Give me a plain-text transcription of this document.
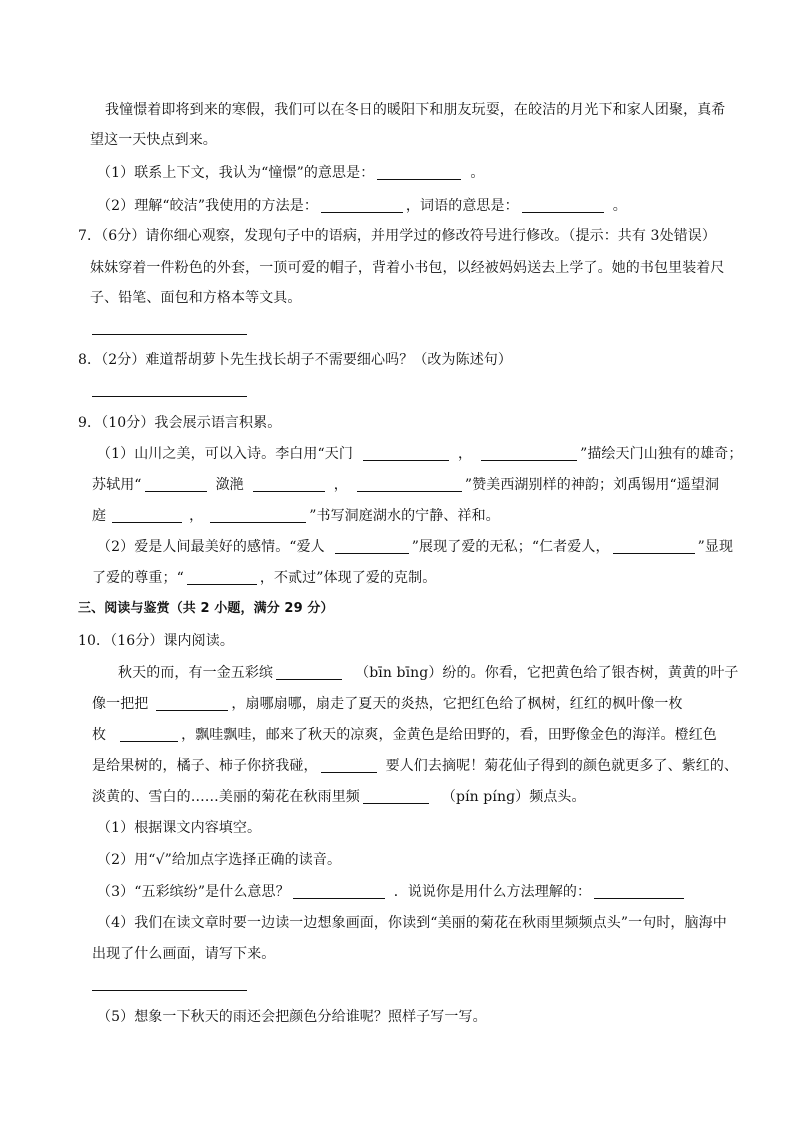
我憧憬着即将到来的寒假，我们可以在冬日的暖阳下和朋友玩耍，在皎洁的月光下和家人团聚，真希
望这一天快点到来。
（1）联系上下文，我认为“憧憬”的意思是：	。
（2）理解“皎洁”我使用的方法是：	，词语的意思是：	。
7．（6分）请你细心观察，发现句子中的语病，并用学过的修改符号进行修改。（提示：共有 3处错误）
妹妹穿着一件粉色的外套，一顶可爱的帽子，背着小书包，以经被妈妈送去上学了。她的书包里装着尺
子、铅笔、面包和方格本等文具。
8．（2分）难道帮胡萝卜先生找长胡子不需要细心吗？（改为陈述句）
9．（10分）我会展示语言积累。
（1）山川之美，可以入诗。李白用“天门	，	”描绘天门山独有的雄奇；
苏轼用“	潋滟	，	”赞美西湖别样的神韵；刘禹锡用“遥望洞
庭	，	”书写洞庭湖水的宁静、祥和。
（2）爱是人间最美好的感情。“爱人	”展现了爱的无私；“仁者爱人，	”显现
了爱的尊重；“	，不贰过”体现了爱的克制。
三、阅读与鉴赏（共 2 小题，满分 29 分）
10．（16分）课内阅读。
秋天的而，有一金五彩缤	（bīn bīng）纷的。你看，它把黄色给了银杏树，黄黄的叶子
像一把把	，扇哪扇哪，扇走了夏天的炎热，它把红色给了枫树，红红的枫叶像一枚
枚	，飘哇飘哇，邮来了秋天的凉爽，金黄色是给田野的，看，田野像金色的海洋。橙红色
是给果树的，橘子、柿子你挤我碰，	要人们去摘呢！菊花仙子得到的颜色就更多了、紫红的、
淡黄的、雪白的……美丽的菊花在秋雨里频	（pín pínɡ）频点头。
（1）根据课文内容填空。
（2）用“√”给加点字选择正确的读音。
（3）“五彩缤纷”是什么意思？	．说说你是用什么方法理解的：
（4）我们在读文章时要一边读一边想象画面，你读到“美丽的菊花在秋雨里频频点头”一句时，脑海中
出现了什么画面，请写下来。
（5）想象一下秋天的雨还会把颜色分给谁呢？照样子写一写。
